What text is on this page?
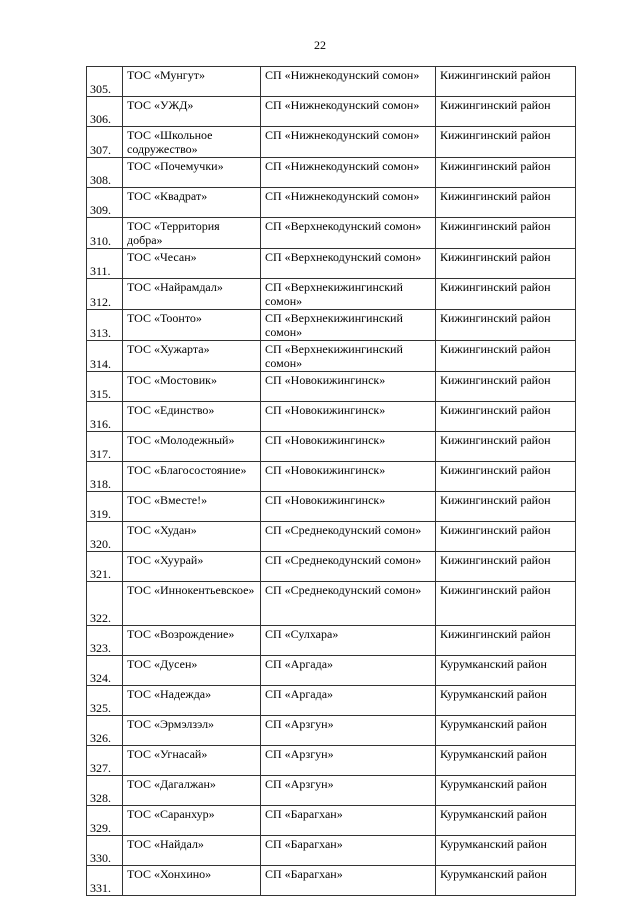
22
305.	ТОС «Мунгут»	СП «Нижнекодунский сомон»	Кижингинский район
306.	ТОС «УЖД»	СП «Нижнекодунский сомон»	Кижингинский район
307.	ТОС «Школьное содружество»	СП «Нижнекодунский сомон»	Кижингинский район
308.	ТОС «Почемучки»	СП «Нижнекодунский сомон»	Кижингинский район
309.	ТОС «Квадрат»	СП «Нижнекодунский сомон»	Кижингинский район
310.	ТОС «Территория добра»	СП «Верхнекодунский сомон»	Кижингинский район
311.	ТОС «Чесан»	СП «Верхнекодунский сомон»	Кижингинский район
312.	ТОС «Найрамдал»	СП «Верхнекижингинский сомон»	Кижингинский район
313.	ТОС «Тоонто»	СП «Верхнекижингинский сомон»	Кижингинский район
314.	ТОС «Хужарта»	СП «Верхнекижингинский сомон»	Кижингинский район
315.	ТОС «Мостовик»	СП «Новокижингинск»	Кижингинский район
316.	ТОС «Единство»	СП «Новокижингинск»	Кижингинский район
317.	ТОС «Молодежный»	СП «Новокижингинск»	Кижингинский район
318.	ТОС «Благосостояние»	СП «Новокижингинск»	Кижингинский район
319.	ТОС «Вместе!»	СП «Новокижингинск»	Кижингинский район
320.	ТОС «Худан»	СП «Среднекодунский сомон»	Кижингинский район
321.	ТОС «Хуурай»	СП «Среднекодунский сомон»	Кижингинский район
322.	ТОС «Иннокентьевское»	СП «Среднекодунский сомон»	Кижингинский район
323.	ТОС «Возрождение»	СП «Сулхара»	Кижингинский район
324.	ТОС «Дусен»	СП «Аргада»	Курумканский район
325.	ТОС «Надежда»	СП «Аргада»	Курумканский район
326.	ТОС «Эрмэлзэл»	СП «Арзгун»	Курумканский район
327.	ТОС «Угнасай»	СП «Арзгун»	Курумканский район
328.	ТОС «Дагалжан»	СП «Арзгун»	Курумканский район
329.	ТОС «Саранхур»	СП «Барагхан»	Курумканский район
330.	ТОС «Найдал»	СП «Барагхан»	Курумканский район
331.	ТОС «Хонхино»	СП «Барагхан»	Курумканский район
